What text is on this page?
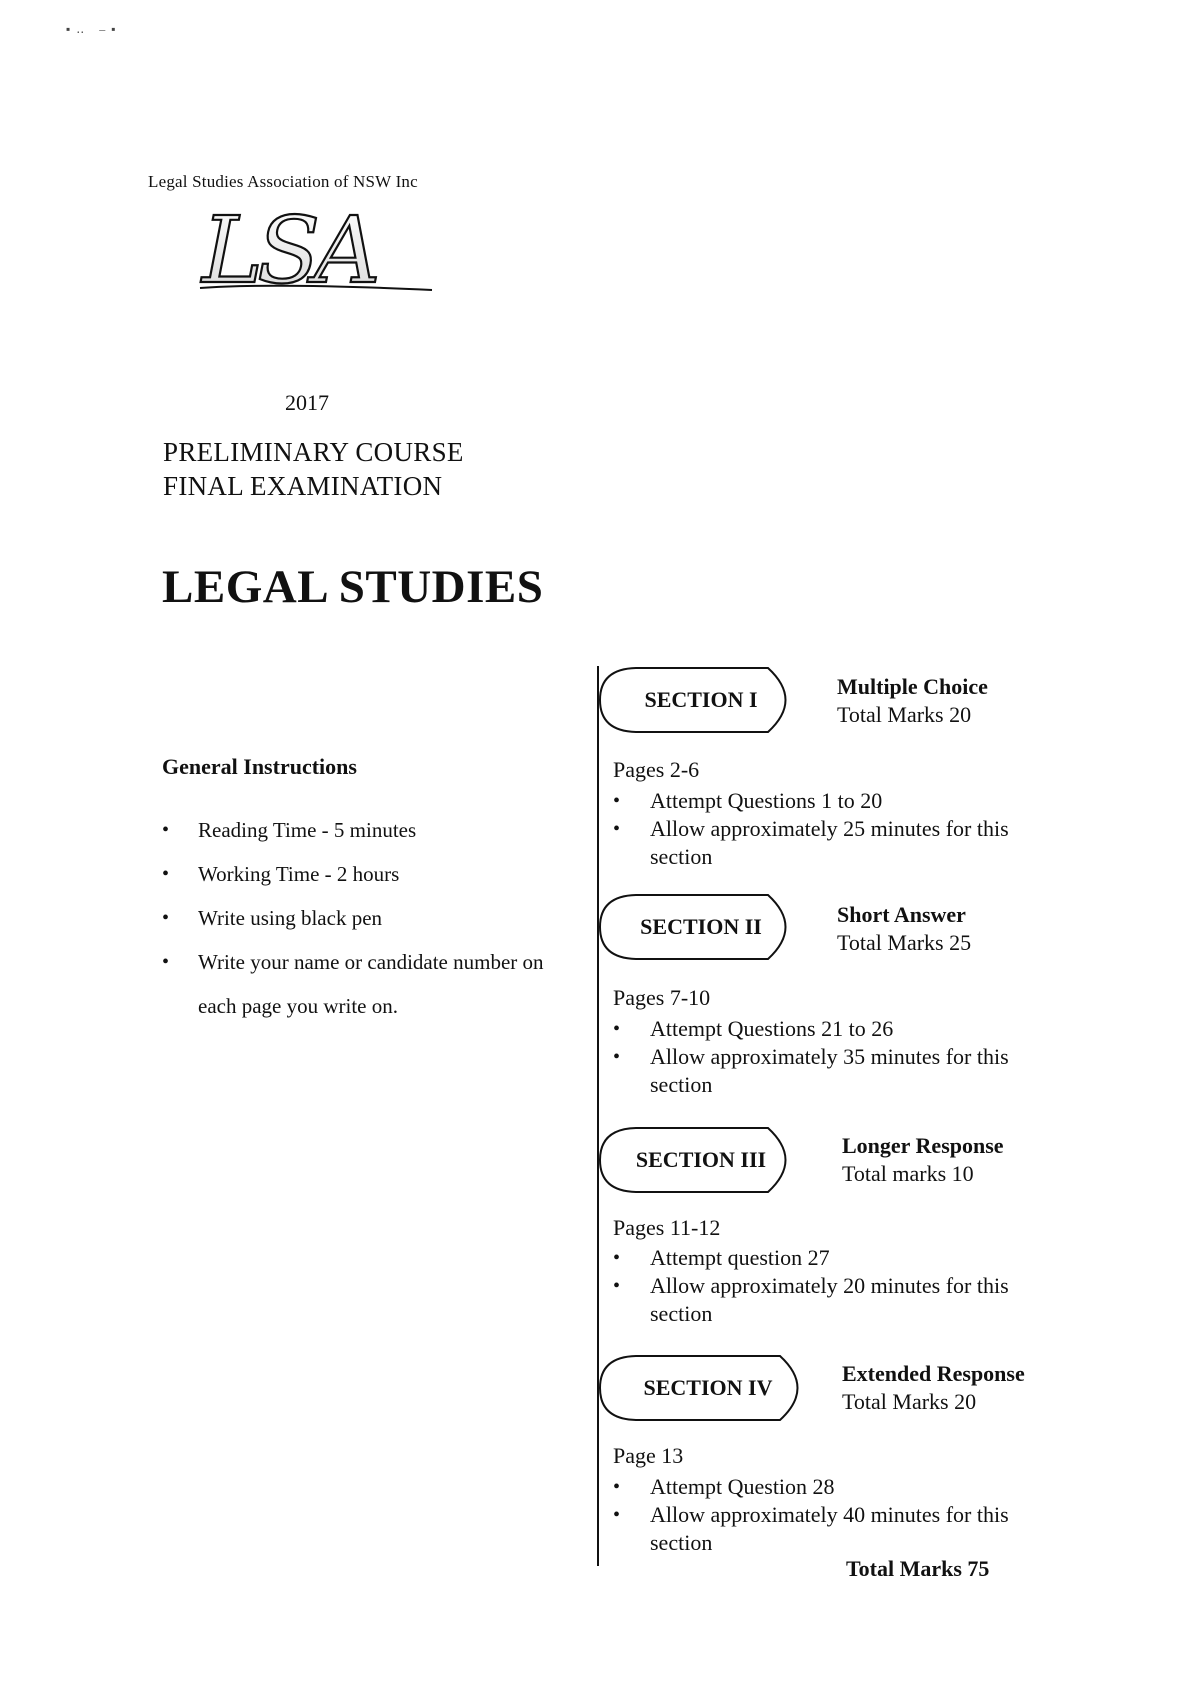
▪‥ ‒▪
Legal Studies Association of NSW Inc
LSA
2017
PRELIMINARY COURSE
FINAL EXAMINATION
LEGAL STUDIES
General Instructions
• Reading Time - 5 minutes
• Working Time - 2 hours
• Write using black pen
• Write your name or candidate number on each page you write on.
SECTION I
Multiple Choice
Total Marks 20
Pages 2-6
• Attempt Questions 1 to 20
• Allow approximately 25 minutes for this section
SECTION II	Short Answer
Total Marks 25
Pages 7-10
• Attempt Questions 21 to 26
• Allow approximately 35 minutes for this section
SECTION III
Longer Response
Total marks 10
Pages 11-12
• Attempt question 27
• Allow approximately 20 minutes for this section
SECTION IV
Extended Response
Total Marks 20
Page 13
• Attempt Question 28
• Allow approximately 40 minutes for this section
Total Marks 75
